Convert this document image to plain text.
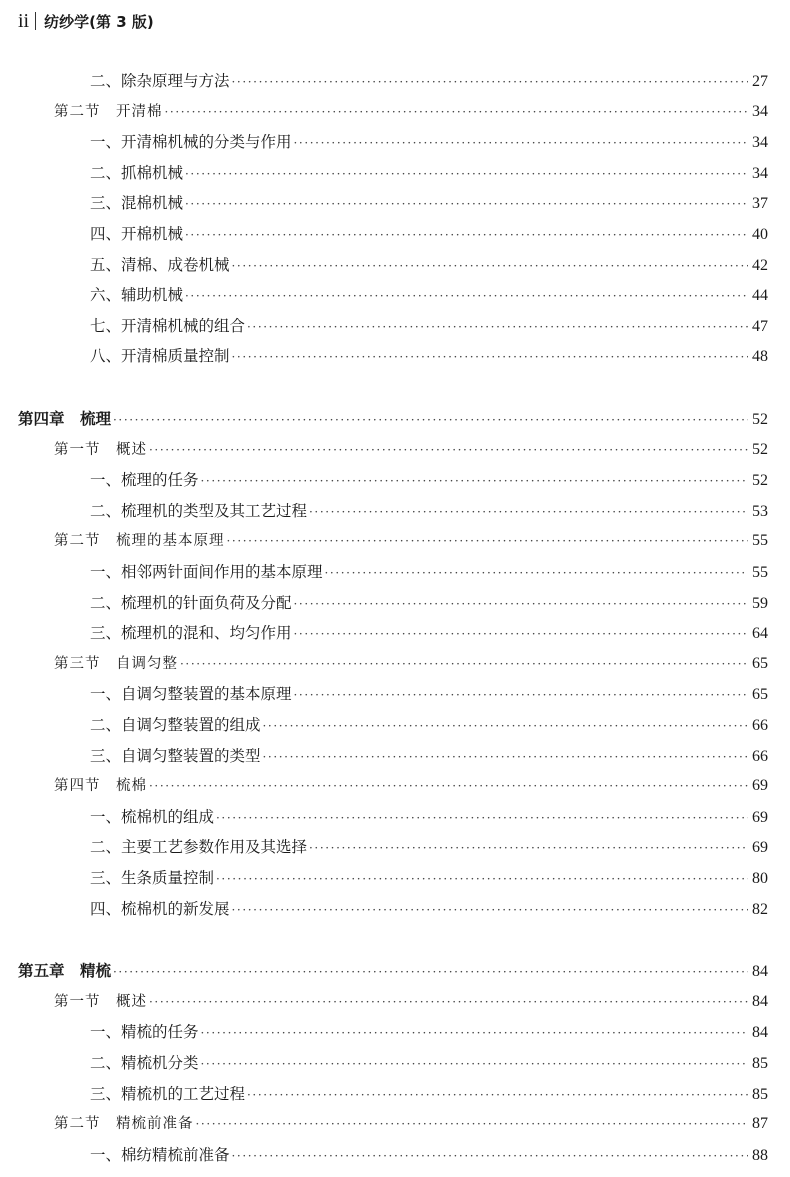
ii 纺纱学(第 3 版)
二、除杂原理与方法 ·····	27
第二节　开清棉 ·····	34
一、开清棉机械的分类与作用 ·····	34
二、抓棉机械 ·····	34
三、混棉机械 ·····	37
四、开棉机械 ·····	40
五、清棉、成卷机械 ·····	42
六、辅助机械 ·····	44
七、开清棉机械的组合 ·····	47
八、开清棉质量控制 ·····	48
第四章　梳理 ·····	52
第一节　概述 ·····	52
一、梳理的任务 ·····	52
二、梳理机的类型及其工艺过程 ·····	53
第二节　梳理的基本原理 ·····	55
一、相邻两针面间作用的基本原理 ·····	55
二、梳理机的针面负荷及分配 ·····	59
三、梳理机的混和、均匀作用 ·····	64
第三节　自调匀整 ·····	65
一、自调匀整装置的基本原理 ·····	65
二、自调匀整装置的组成 ·····	66
三、自调匀整装置的类型 ·····	66
第四节　梳棉 ·····	69
一、梳棉机的组成 ·····	69
二、主要工艺参数作用及其选择 ·····	69
三、生条质量控制 ·····	80
四、梳棉机的新发展 ·····	82
第五章　精梳 ·····	84
第一节　概述 ·····	84
一、精梳的任务 ·····	84
二、精梳机分类 ·····	85
三、精梳机的工艺过程 ·····	85
第二节　精梳前准备 ·····	87
一、棉纺精梳前准备 ·····	88
